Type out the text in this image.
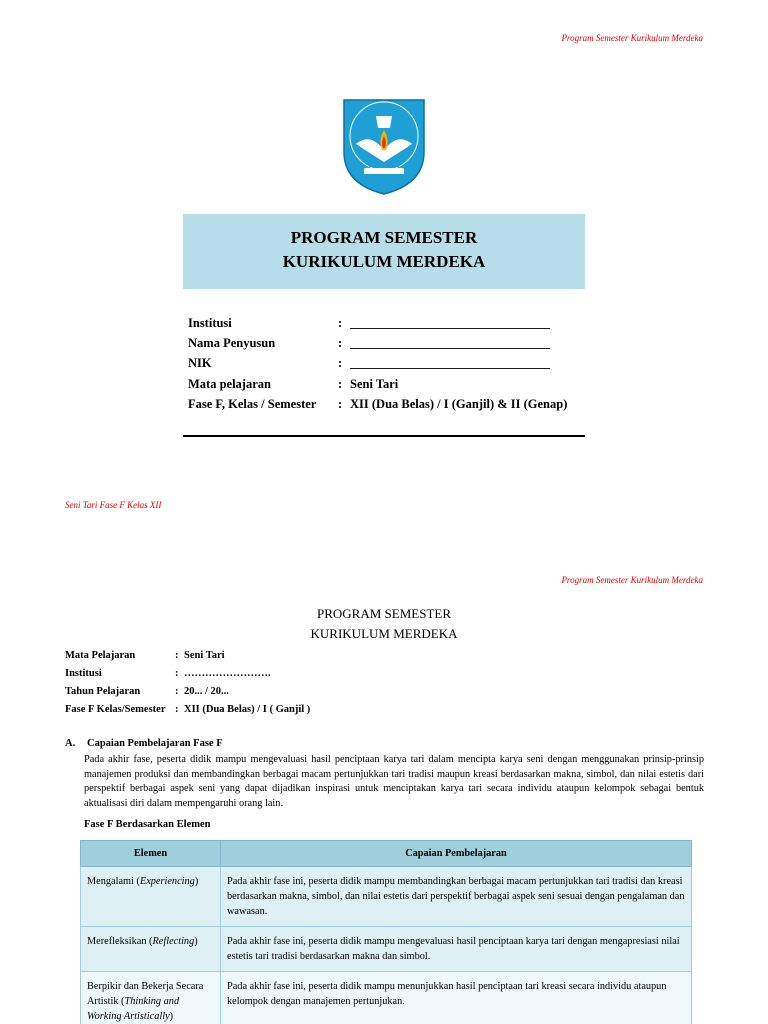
Program Semester Kurikulum Merdeka
PROGRAM SEMESTER
KURIKULUM MERDEKA
Institusi	: ________________________________
Nama Penyusun	: ________________________________
NIK	: ________________________________
Mata pelajaran	: Seni Tari
Fase F, Kelas / Semester	: XII (Dua Belas) / I (Ganjil) & II (Genap)
Seni Tari Fase F Kelas XII
Program Semester Kurikulum Merdeka
PROGRAM SEMESTER
KURIKULUM MERDEKA
Mata Pelajaran	: Seni Tari
Institusi	: …………………….
Tahun Pelajaran	: 20... / 20...
Fase F Kelas/Semester : XII (Dua Belas) / I ( Ganjil )
A.	Capaian Pembelajaran Fase F
Pada akhir fase, peserta didik mampu mengevaluasi hasil penciptaan karya tari dalam mencipta karya seni dengan menggunakan prinsip-prinsip manajemen produksi dan membandingkan berbagai macam pertunjukkan tari tradisi maupun kreasi berdasarkan makna, simbol, dan nilai estetis dari perspektif berbagai aspek seni yang dapat dijadikan inspirasi untuk menciptakan karya tari secara individu ataupun kelompok sebagai bentuk aktualisasi diri dalam mempengaruhi orang lain.
Fase F Berdasarkan Elemen
Elemen	Capaian Pembelajaran
Mengalami (Experiencing)	Pada akhir fase ini, peserta didik mampu membandingkan berbagai macam pertunjukkan tari tradisi dan kreasi berdasarkan makna, simbol, dan nilai estetis dari perspektif berbagai aspek seni sesuai dengan pengalaman dan wawasan.
Merefleksikan (Reflecting)	Pada akhir fase ini, peserta didik mampu mengevaluasi hasil penciptaan karya tari dengan mengapresiasi nilai estetis tari tradisi berdasarkan makna dan simbol.
Berpikir dan Bekerja Secara Artistik (Thinking and Working Artistically)	Pada akhir fase ini, peserta didik mampu menunjukkan hasil penciptaan tari kreasi secara individu ataupun kelompok dengan manajemen pertunjukan.
